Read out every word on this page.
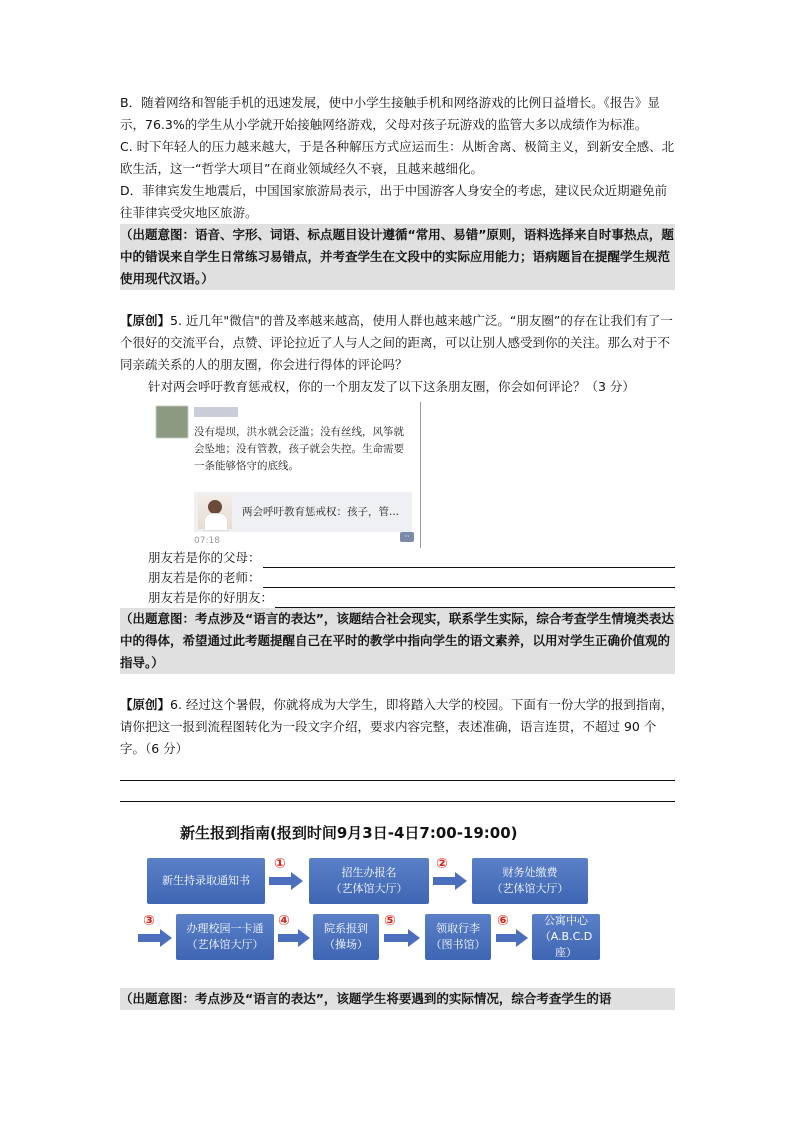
B．随着网络和智能手机的迅速发展，使中小学生接触手机和网络游戏的比例日益增长。《报告》显示，76.3%的学生从小学就开始接触网络游戏，父母对孩子玩游戏的监管大多以成绩作为标准。

C. 时下年轻人的压力越来越大，于是各种解压方式应运而生：从断舍离、极简主义，到新安全感、北欧生活，这一“哲学大项目”在商业领域经久不衰，且越来越细化。

D．菲律宾发生地震后，中国国家旅游局表示，出于中国游客人身安全的考虑，建议民众近期避免前往菲律宾受灾地区旅游。

（出题意图：语音、字形、词语、标点题目设计遵循“常用、易错”原则，语料选择来自时事热点，题中的错误来自学生日常练习易错点，并考查学生在文段中的实际应用能力；语病题旨在提醒学生规范使用现代汉语。）

【原创】5. 近几年"微信"的普及率越来越高，使用人群也越来越广泛。“朋友圈”的存在让我们有了一个很好的交流平台，点赞、评论拉近了人与人之间的距离，可以让别人感受到你的关注。那么对于不同亲疏关系的人的朋友圈，你会进行得体的评论吗？

针对两会呼吁教育惩戒权，你的一个朋友发了以下这条朋友圈，你会如何评论？（3 分）

没有堤坝，洪水就会泛滥；没有丝线，风筝就会坠地；没有管教，孩子就会失控。生命需要一条能够恪守的底线。
两会呼吁教育惩戒权：孩子，管...
07:18	··
朋友若是你的父母：
朋友若是你的老师：
朋友若是你的好朋友：

（出题意图：考点涉及“语言的表达”，该题结合社会现实，联系学生实际，综合考查学生情境类表达中的得体，希望通过此考题提醒自己在平时的教学中指向学生的语文素养，以用对学生正确价值观的指导。）

【原创】6. 经过这个暑假，你就将成为大学生，即将踏入大学的校园。下面有一份大学的报到指南，请你把这一报到流程图转化为一段文字介绍，要求内容完整，表述准确，语言连贯，不超过 90 个字。（6 分）

新生报到指南(报到时间9月3日-4日7:00-19:00)
新生持录取通知书
①
招生办报名
（艺体馆大厅）
②
财务处缴费
（艺体馆大厅）
③	办理校园一卡通
（艺体馆大厅）
④	院系报到
（操场）
⑤	领取行李
（图书馆）
⑥	公寓中心
（A.B.C.D座）

（出题意图：考点涉及“语言的表达”，该题学生将要遇到的实际情况，综合考查学生的语
